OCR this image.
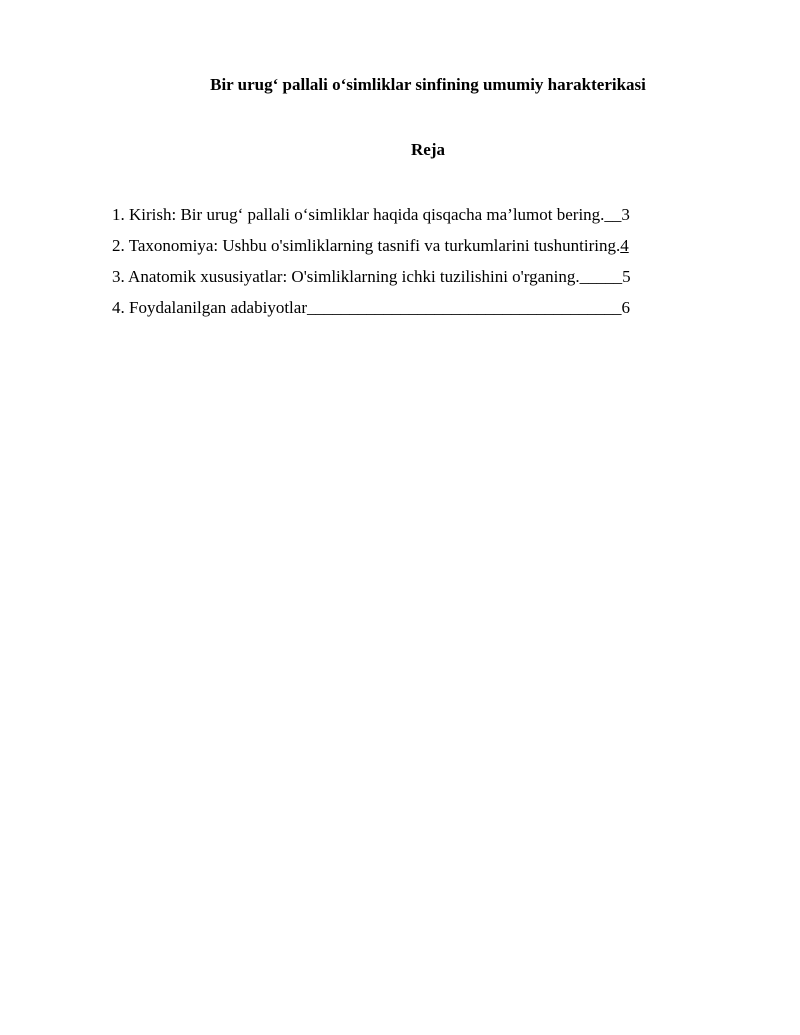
Bir urug‘ pallali o‘simliklar sinfining umumiy harakterikasi
Reja
1. Kirish: Bir urug‘ pallali o‘simliklar haqida qisqacha ma’lumot bering.__3
2. Taxonomiya: Ushbu o'simliklarning tasnifi va turkumlarini tushuntiring.4
3. Anatomik xususiyatlar: O'simliklarning ichki tuzilishini o'rganing._____5
4. Foydalanilgan adabiyotlar_____________________________________6
